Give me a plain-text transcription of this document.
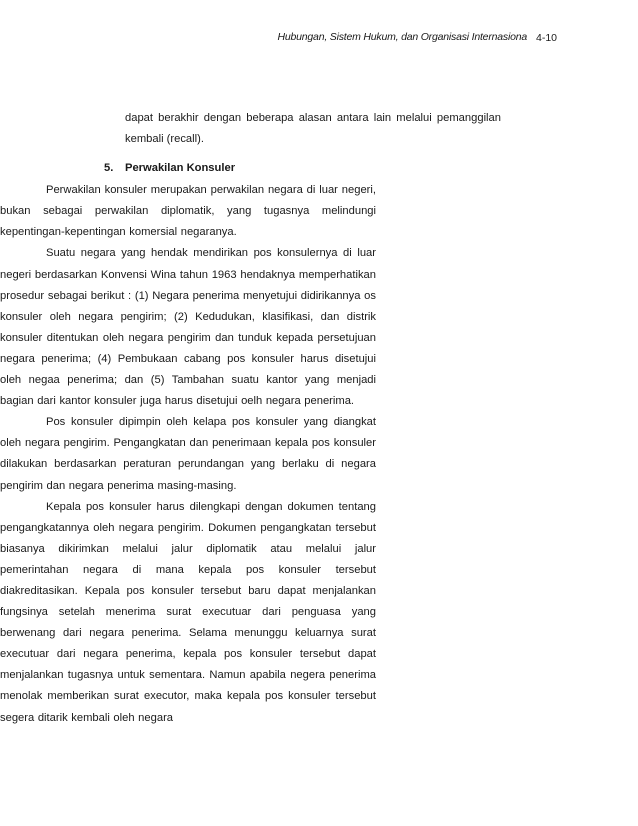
Hubungan, Sistem Hukum, dan Organisasi Internasiona 4-10

dapat berakhir dengan beberapa alasan antara lain melalui pemanggilan kembali (recall).

5. Perwakilan Konsuler

Perwakilan konsuler merupakan perwakilan negara di luar negeri, bukan sebagai perwakilan diplomatik, yang tugasnya melindungi kepentingan-kepentingan komersial negaranya.

Suatu negara yang hendak mendirikan pos konsulernya di luar negeri berdasarkan Konvensi Wina tahun 1963 hendaknya memperhatikan prosedur sebagai berikut : (1) Negara penerima menyetujui didirikannya os konsuler oleh negara pengirim; (2) Kedudukan, klasifikasi, dan distrik konsuler ditentukan oleh negara pengirim dan tunduk kepada persetujuan negara penerima; (4) Pembukaan cabang pos konsuler harus disetujui oleh negaa penerima; dan (5) Tambahan suatu kantor yang menjadi bagian dari kantor konsuler juga harus disetujui oelh negara penerima.

Pos konsuler dipimpin oleh kelapa pos konsuler yang diangkat oleh negara pengirim. Pengangkatan dan penerimaan kepala pos konsuler dilakukan berdasarkan peraturan perundangan yang berlaku di negara pengirim dan negara penerima masing-masing.

Kepala pos konsuler harus dilengkapi dengan dokumen tentang pengangkatannya oleh negara pengirim. Dokumen pengangkatan tersebut biasanya dikirimkan melalui jalur diplomatik atau melalui jalur pemerintahan negara di mana kepala pos konsuler tersebut diakreditasikan. Kepala pos konsuler tersebut baru dapat menjalankan fungsinya setelah menerima surat executuar dari penguasa yang berwenang dari negara penerima. Selama menunggu keluarnya surat executuar dari negara penerima, kepala pos konsuler tersebut dapat menjalankan tugasnya untuk sementara. Namun apabila negera penerima menolak memberikan surat executor, maka kepala pos konsuler tersebut segera ditarik kembali oleh negara
